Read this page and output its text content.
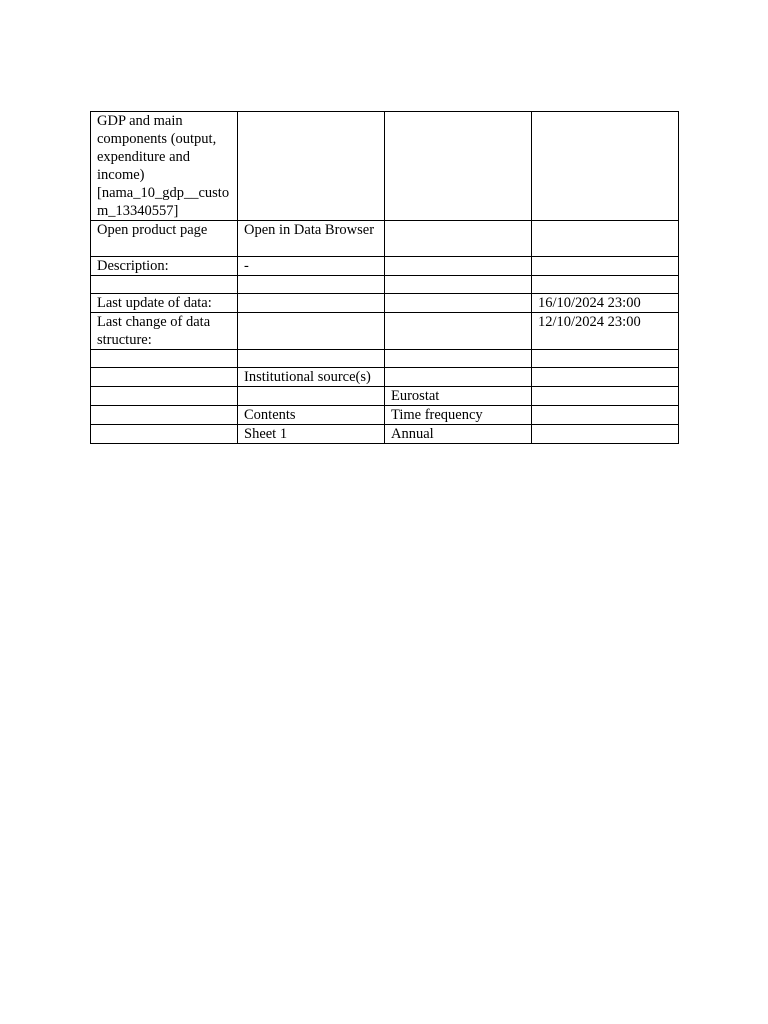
GDP and main components (output, expenditure and income) [nama_10_gdp__custom_13340557]			
Open product page	Open in Data Browser		
Description:	-		

Last update of data:			16/10/2024 23:00
Last change of data structure:			12/10/2024 23:00

	Institutional source(s)		
		Eurostat	
	Contents	Time frequency	
	Sheet 1	Annual	
